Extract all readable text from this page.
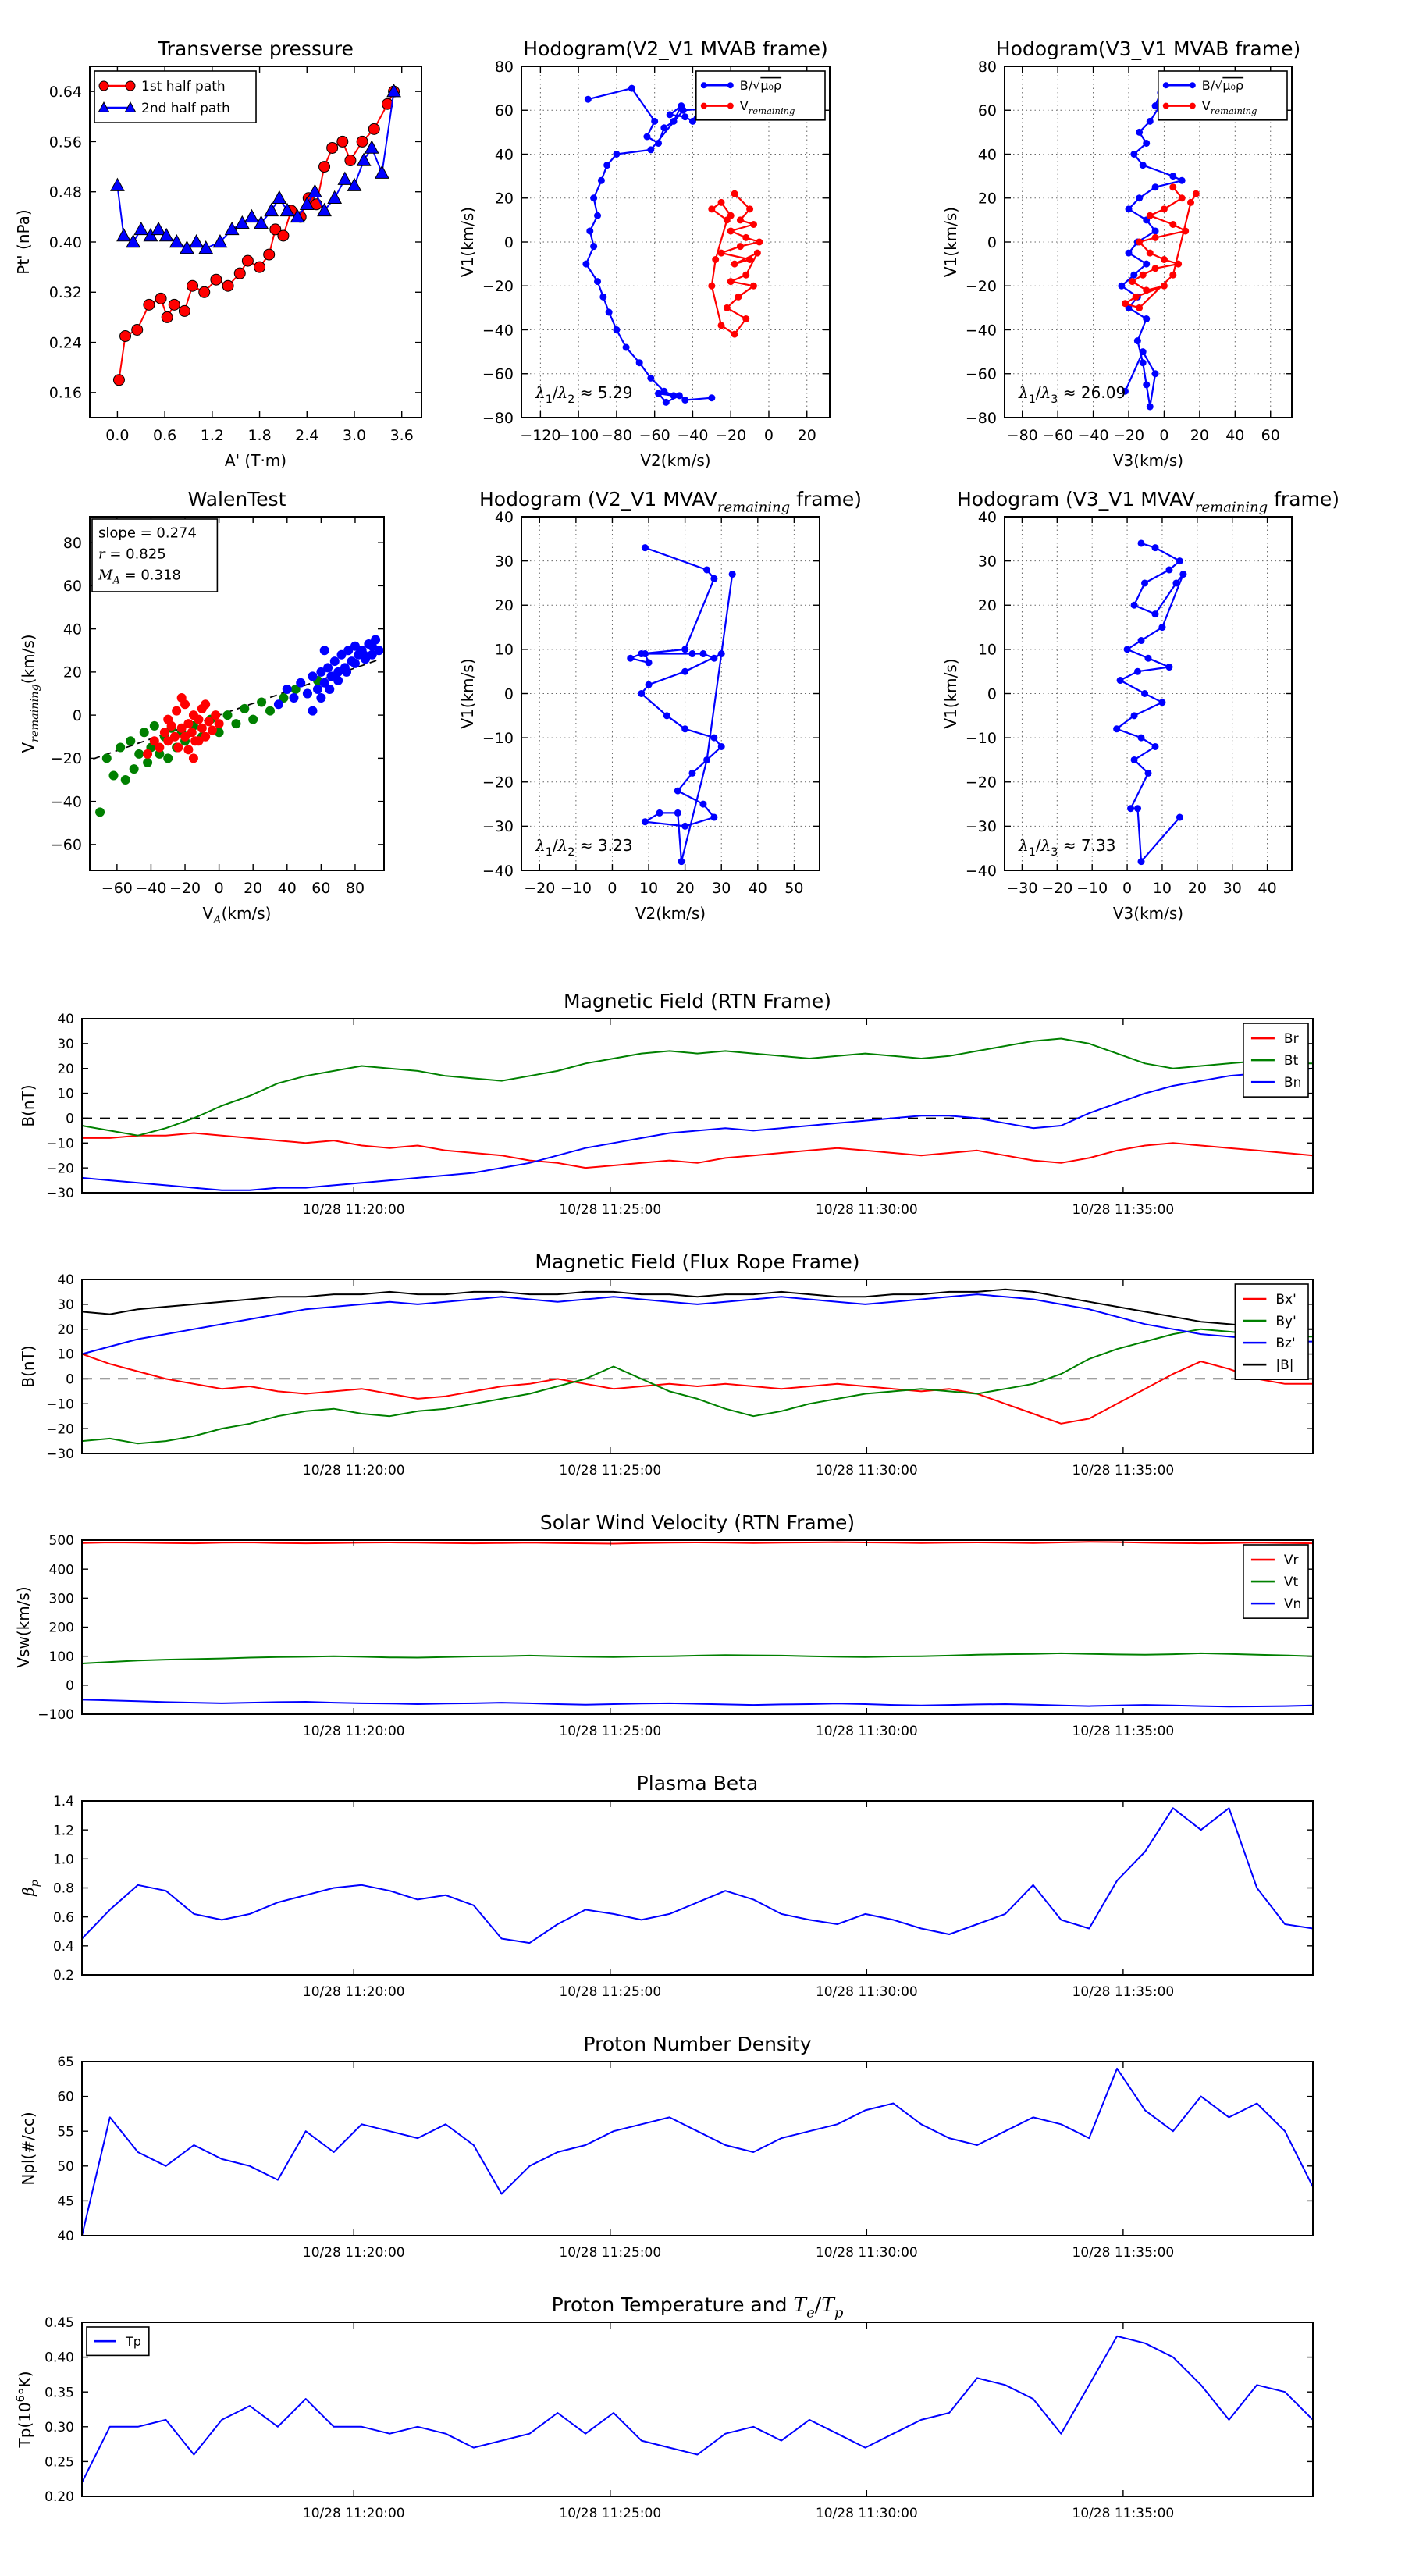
0.0 0.6 1.2 1.8 2.4 3.0 3.6
0.16
0.24
0.32
0.40
0.48
0.56
0.64
Transverse pressure
A' (T·m)
Pt' (nPa)
1st half path
2nd half path
−120
−100 −80 −60 −40 −20 0 20
−80
−60
−40
−20
0
20
40
60
80
Hodogram(V2_V1 MVAB frame)
V2(km/s)
V1(km/s)
$\lambda_1/\lambda_2 \approx 5.29$
B/√μ₀ρ
$V_{remaining}$
−80 −60 −40 −20 0 20 40 60
−80
−60
−40
−20
0
20
40
60
80
Hodogram(V3_V1 MVAB frame)
V3(km/s)
V1(km/s)
$\lambda_1/\lambda_3 \approx 26.09$
B/√μ₀ρ
$V_{remaining}$
−60 −40 −20 0 20 40 60 80
−60
−40
−20
0
20
40
60
80
WalenTest
$V_A(km/s)$
$V_{remaining}(km/s)$
slope = 0.274
r = 0.825
$M_A = 0.318$
−20 −10 0 10 20 30 40 50
−40
−30
−20
−10
0
10
20
30
40
Hodogram (V2_V1 $MVAV_{remaining}$ frame)
V2(km/s)
V1(km/s)
$\lambda_1/\lambda_2 \approx 3.23$
−30 −20 −10 0 10 20 30 40
−40
−30
−20
−10
0
10
20
30
40
Hodogram (V3_V1 $MVAV_{remaining}$ frame)
V3(km/s)
V1(km/s)
$\lambda_1/\lambda_3 \approx 7.33$
10/28 11:20:00	10/28 11:25:00	10/28 11:30:00	10/28 11:35:00
−30
−20
−10
0
10
20
30
40
Magnetic Field (RTN Frame)
B(nT)
Br
Bt
Bn
10/28 11:20:00	10/28 11:25:00	10/28 11:30:00	10/28 11:35:00
−30
−20
−10
0
10
20
30
40
Magnetic Field (Flux Rope Frame)
B(nT)
Bx'
By'
Bz'
|B|
10/28 11:20:00	10/28 11:25:00	10/28 11:30:00	10/28 11:35:00
−100
0
100
200
300
400
500
Solar Wind Velocity (RTN Frame)
Vsw(km/s)
Vr
Vt
Vn
10/28 11:20:00	10/28 11:25:00	10/28 11:30:00	10/28 11:35:00
0.2
0.4
0.6
0.8
1.0
1.2
1.4
Plasma Beta
$\beta_p$
10/28 11:20:00	10/28 11:25:00	10/28 11:30:00	10/28 11:35:00
40
45
50
55
60
65
Proton Number Density
Npl(#/cc)
10/28 11:20:00	10/28 11:25:00	10/28 11:30:00	10/28 11:35:00
0.20
0.25
0.30
0.35
0.40
0.45
Proton Temperature and $T_e/T_p$
$Tp(10^6^\circ K)$
Tp
